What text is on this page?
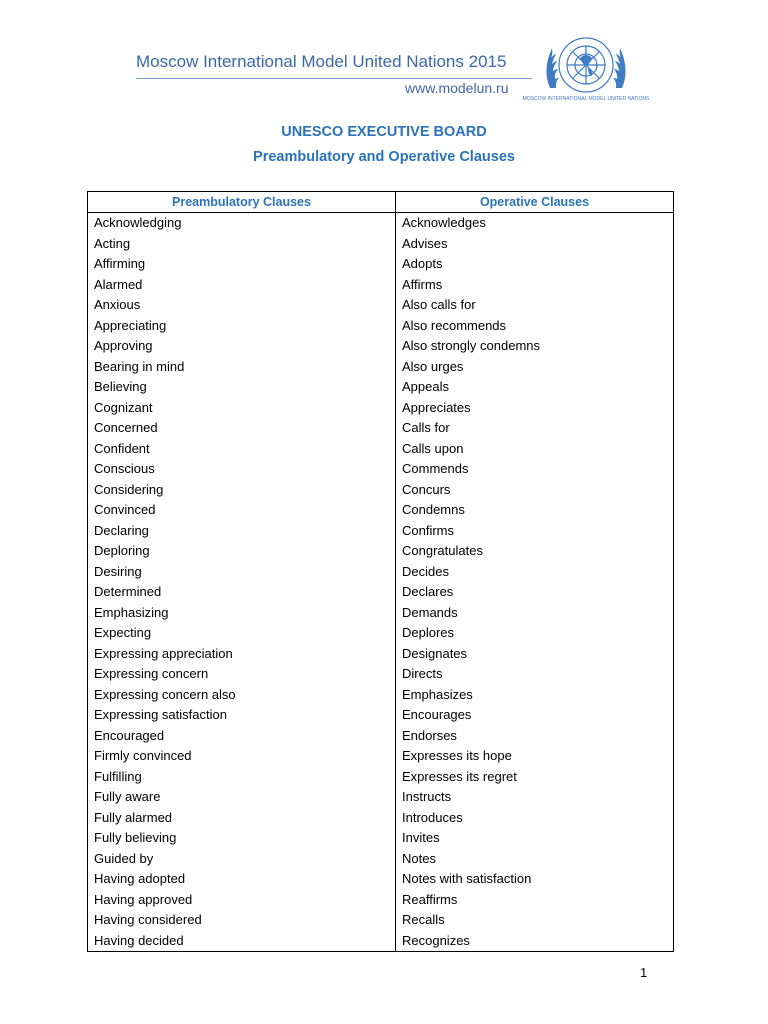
Moscow International Model United Nations 2015
www.modelun.ru
MOSCOW INTERNATIONAL MODEL UNITED NATIONS
UNESCO EXECUTIVE BOARD
Preambulatory and Operative Clauses
Preambulatory Clauses	Operative Clauses
Acknowledging	Acknowledges
Acting	Advises
Affirming	Adopts
Alarmed	Affirms
Anxious	Also calls for
Appreciating	Also recommends
Approving	Also strongly condemns
Bearing in mind	Also urges
Believing	Appeals
Cognizant	Appreciates
Concerned	Calls for
Confident	Calls upon
Conscious	Commends
Considering	Concurs
Convinced	Condemns
Declaring	Confirms
Deploring	Congratulates
Desiring	Decides
Determined	Declares
Emphasizing	Demands
Expecting	Deplores
Expressing appreciation	Designates
Expressing concern	Directs
Expressing concern also	Emphasizes
Expressing satisfaction	Encourages
Encouraged	Endorses
Firmly convinced	Expresses its hope
Fulfilling	Expresses its regret
Fully aware	Instructs
Fully alarmed	Introduces
Fully believing	Invites
Guided by	Notes
Having adopted	Notes with satisfaction
Having approved	Reaffirms
Having considered	Recalls
Having decided	Recognizes
1
